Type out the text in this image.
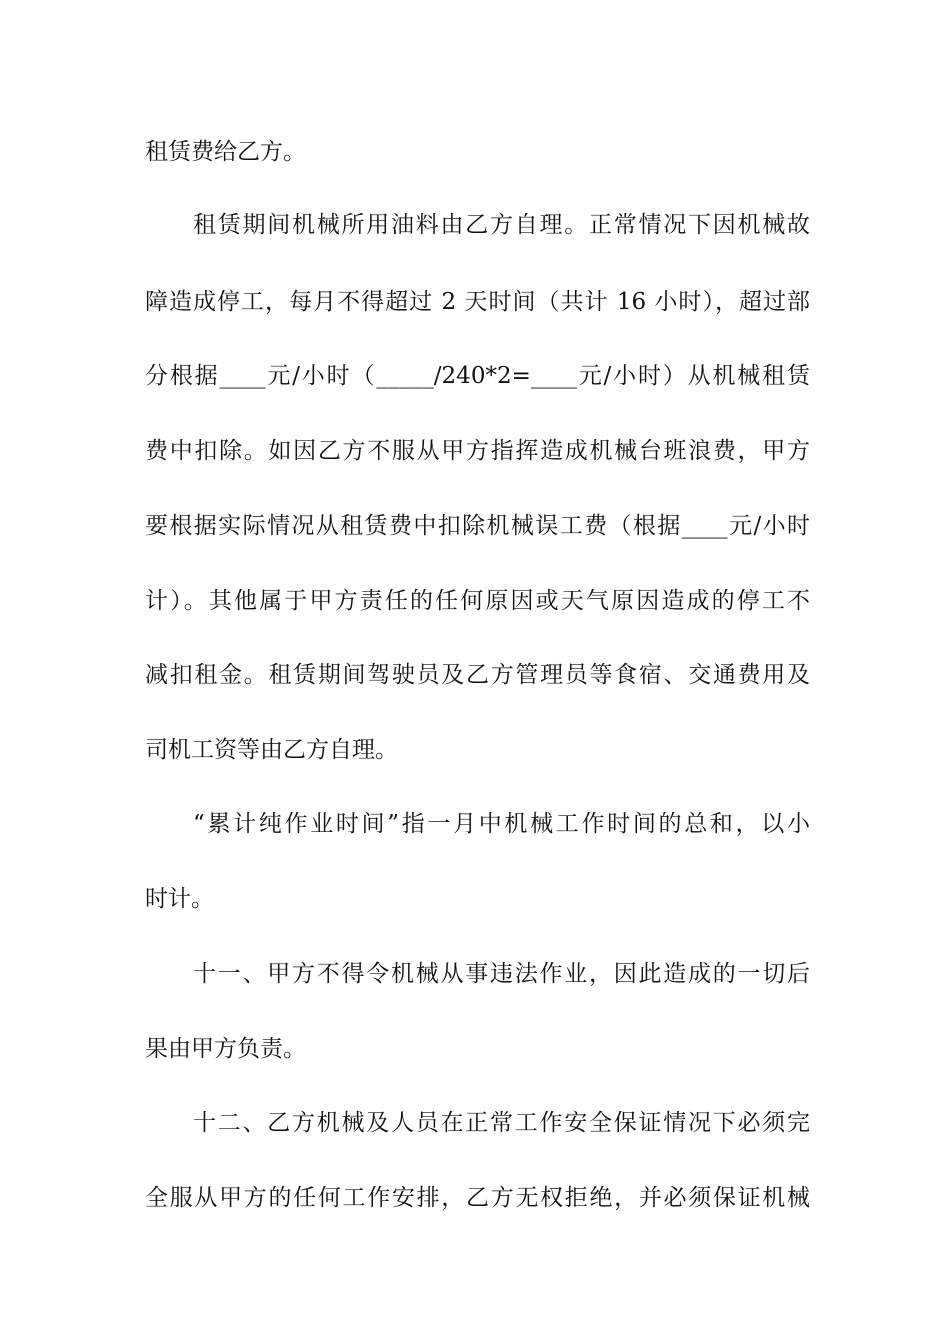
租赁费给乙方。
租赁期间机械所用油料由乙方自理。正常情况下因机械故
障造成停工，每月不得超过 2 天时间（共计 16 小时），超过部
分根据____元/小时（_____/240*2=____元/小时）从机械租赁
费中扣除。如因乙方不服从甲方指挥造成机械台班浪费，甲方
要根据实际情况从租赁费中扣除机械误工费（根据____元/小时
计）。其他属于甲方责任的任何原因或天气原因造成的停工不
减扣租金。租赁期间驾驶员及乙方管理员等食宿、交通费用及
司机工资等由乙方自理。
“累计纯作业时间”指一月中机械工作时间的总和，以小
时计。
十一、甲方不得令机械从事违法作业，因此造成的一切后
果由甲方负责。
十二、乙方机械及人员在正常工作安全保证情况下必须完
全服从甲方的任何工作安排，乙方无权拒绝，并必须保证机械
